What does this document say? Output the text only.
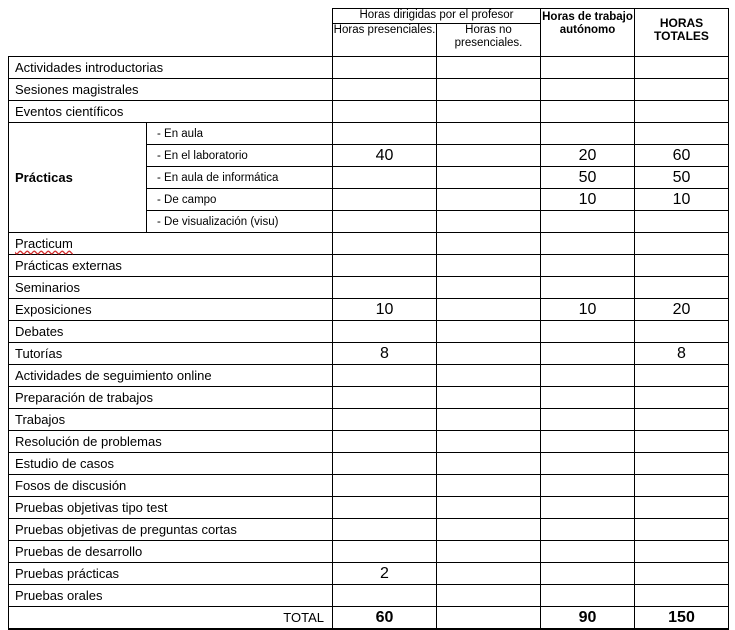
		Horas dirigidas por el profesor		Horas de trabajo autónomo	HORAS TOTALES
		Horas presenciales.	Horas no presenciales.		
Actividades introductorias					
Sesiones magistrales					
Eventos científicos					
Prácticas	- En aula				
	- En el laboratorio	40		20	60
	- En aula de informática			50	50
	- De campo			10	10
	- De visualización (visu)				
Practicum					
Prácticas externas					
Seminarios					
Exposiciones		10		10	20
Debates					
Tutorías		8			8
Actividades de seguimiento online					
Preparación de trabajos					
Trabajos					
Resolución de problemas					
Estudio de casos					
Fosos de discusión					
Pruebas objetivas tipo test					
Pruebas objetivas de preguntas cortas					
Pruebas de desarrollo					
Pruebas prácticas		2			
Pruebas orales					
TOTAL		60		90	150
